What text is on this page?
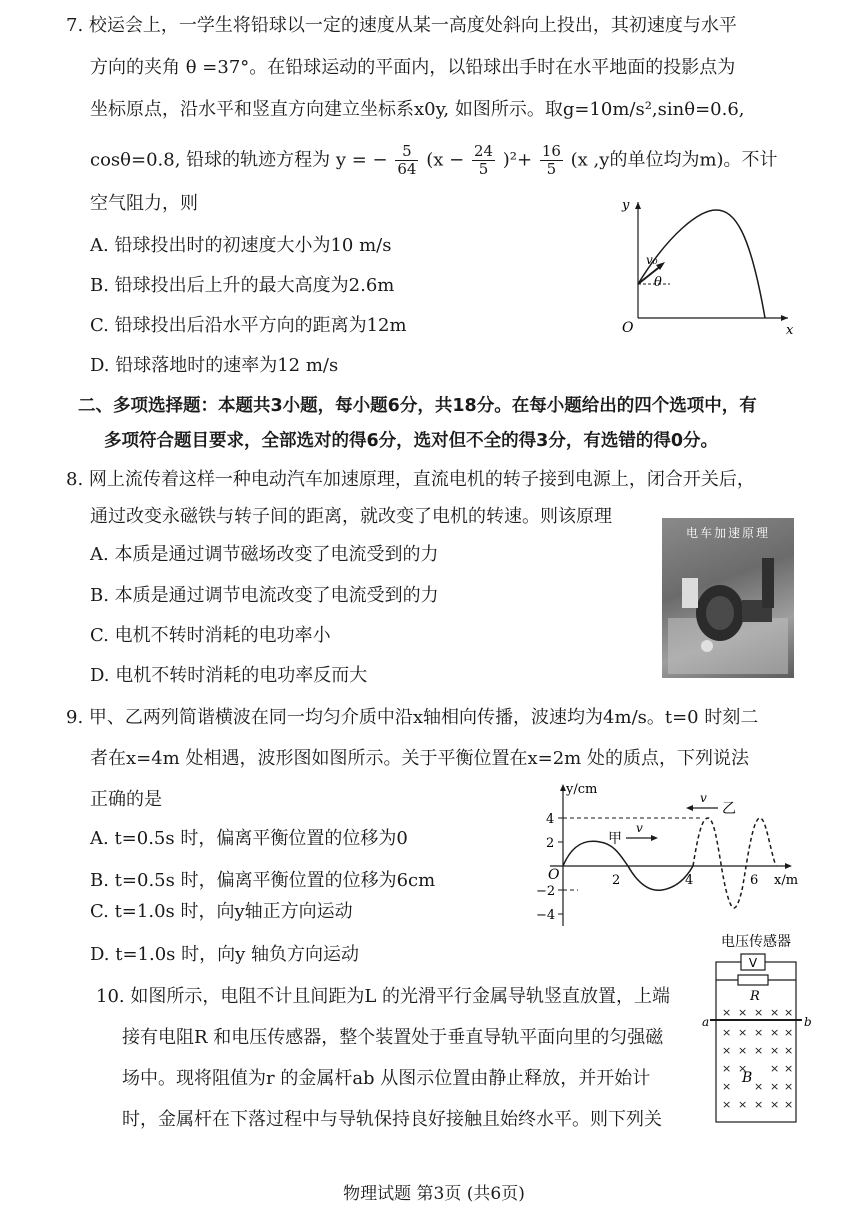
7. 校运会上，一学生将铅球以一定的速度从某一高度处斜向上投出，其初速度与水平
方向的夹角 θ =37°。在铅球运动的平面内，以铅球出手时在水平地面的投影点为
坐标原点，沿水平和竖直方向建立坐标系x0y, 如图所示。取g=10m/s²,sinθ=0.6,
cosθ=0.8, 铅球的轨迹方程为 y = − $\frac{5}{64} (x - \frac{24}{5} )^2+ \frac{16}{5} (x$ ,y的单位均为m)。不计
空气阻力，则
A. 铅球投出时的初速度大小为10 m/s
B. 铅球投出后上升的最大高度为2.6m
C. 铅球投出后沿水平方向的距离为12m
D. 铅球落地时的速率为12 m/s
y
x
O
v₀
θ
二、多项选择题：本题共3小题，每小题6分，共18分。在每小题给出的四个选项中，有
多项符合题目要求，全部选对的得6分，选对但不全的得3分，有选错的得0分。
8. 网上流传着这样一种电动汽车加速原理，直流电机的转子接到电源上，闭合开关后，
通过改变永磁铁与转子间的距离，就改变了电机的转速。则该原理
A. 本质是通过调节磁场改变了电流受到的力
B. 本质是通过调节电流改变了电流受到的力
C. 电机不转时消耗的电功率小
D. 电机不转时消耗的电功率反而大
电车加速原理
9. 甲、乙两列简谐横波在同一均匀介质中沿x轴相向传播，波速均为4m/s。t=0 时刻二
者在x=4m 处相遇，波形图如图所示。关于平衡位置在x=2m 处的质点，下列说法
正确的是
A. t=0.5s 时，偏离平衡位置的位移为0
B. t=0.5s 时，偏离平衡位置的位移为6cm
C. t=1.0s 时，向y轴正方向运动
D. t=1.0s 时，向y 轴负方向运动
y/cm
x/m
4
2
−2
−4
O	2	4	6
甲
v
乙
v
10. 如图所示，电阻不计且间距为L 的光滑平行金属导轨竖直放置，上端
接有电阻R 和电压传感器，整个装置处于垂直导轨平面向里的匀强磁
场中。现将阻值为r 的金属杆ab 从图示位置由静止释放，并开始计
时，金属杆在下落过程中与导轨保持良好接触且始终水平。则下列关
电压传感器
V
R
a	b
× × × × ×
× × × × ×
× × × × ×
× × × ×
× × × ×
× × × × ×
B
物理试题 第3页 (共6页)
